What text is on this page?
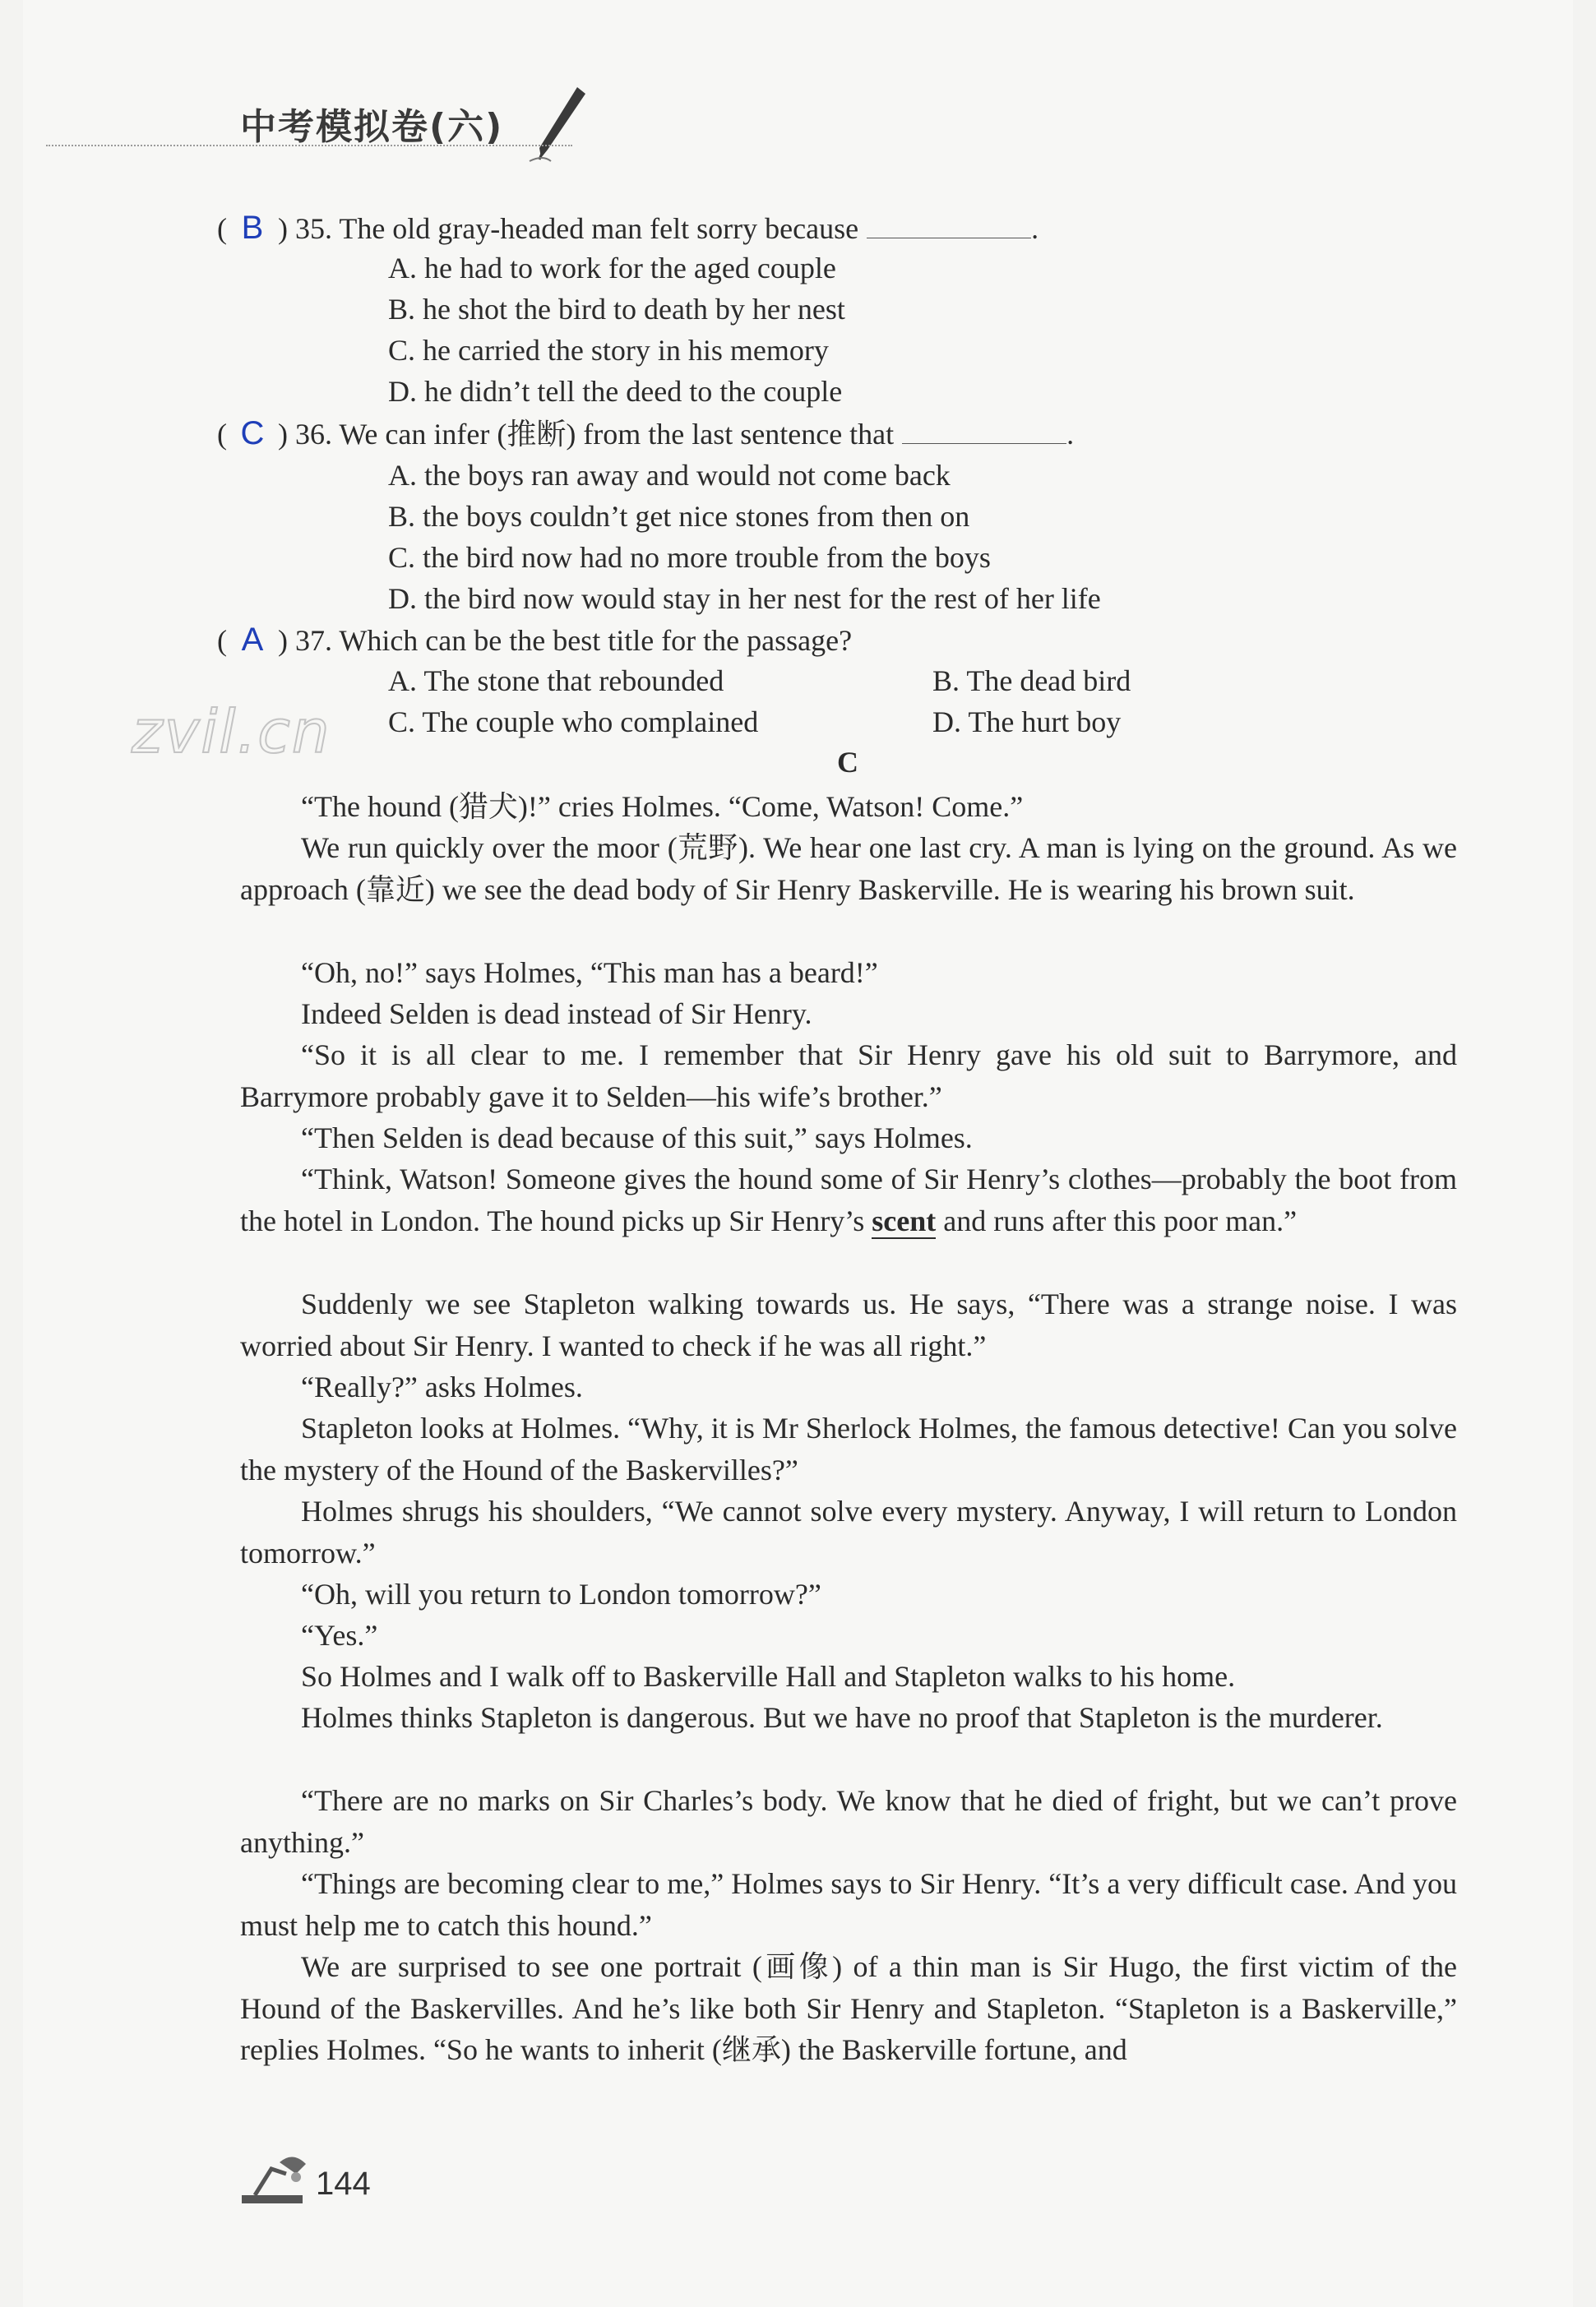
中考模拟卷(六)
( B ) 35. The old gray-headed man felt sorry because	.
A. he had to work for the aged couple
B. he shot the bird to death by her nest
C. he carried the story in his memory
D. he didn’t tell the deed to the couple
( C ) 36. We can infer (推断) from the last sentence that	.
A. the boys ran away and would not come back
B. the boys couldn’t get nice stones from then on
C. the bird now had no more trouble from the boys
D. the bird now would stay in her nest for the rest of her life
( A ) 37. Which can be the best title for the passage?
A. The stone that rebounded	B. The dead bird
C. The couple who complained	D. The hurt boy
zvil.cn	C
“The hound (猎犬)!” cries Holmes. “Come, Watson! Come.”
We run quickly over the moor (荒野). We hear one last cry. A man is lying on the ground. As we approach (靠近) we see the dead body of Sir Henry Baskerville. He is wearing his brown suit.
“Oh, no!” says Holmes, “This man has a beard!”
Indeed Selden is dead instead of Sir Henry.
“So it is all clear to me. I remember that Sir Henry gave his old suit to Barrymore, and Barrymore probably gave it to Selden—his wife’s brother.”
“Then Selden is dead because of this suit,” says Holmes.
“Think, Watson! Someone gives the hound some of Sir Henry’s clothes—probably the boot from the hotel in London. The hound picks up Sir Henry’s scent and runs after this poor man.”
Suddenly we see Stapleton walking towards us. He says, “There was a strange noise. I was worried about Sir Henry. I wanted to check if he was all right.”
“Really?” asks Holmes.
Stapleton looks at Holmes. “Why, it is Mr Sherlock Holmes, the famous detective! Can you solve the mystery of the Hound of the Baskervilles?”
Holmes shrugs his shoulders, “We cannot solve every mystery. Anyway, I will return to London tomorrow.”
“Oh, will you return to London tomorrow?”
“Yes.”
So Holmes and I walk off to Baskerville Hall and Stapleton walks to his home.
Holmes thinks Stapleton is dangerous. But we have no proof that Stapleton is the murderer.
“There are no marks on Sir Charles’s body. We know that he died of fright, but we can’t prove anything.”
“Things are becoming clear to me,” Holmes says to Sir Henry. “It’s a very difficult case. And you must help me to catch this hound.”
We are surprised to see one portrait (画像) of a thin man is Sir Hugo, the first victim of the Hound of the Baskervilles. And he’s like both Sir Henry and Stapleton. “Stapleton is a Baskerville,” replies Holmes. “So he wants to inherit (继承) the Baskerville fortune, and
144
